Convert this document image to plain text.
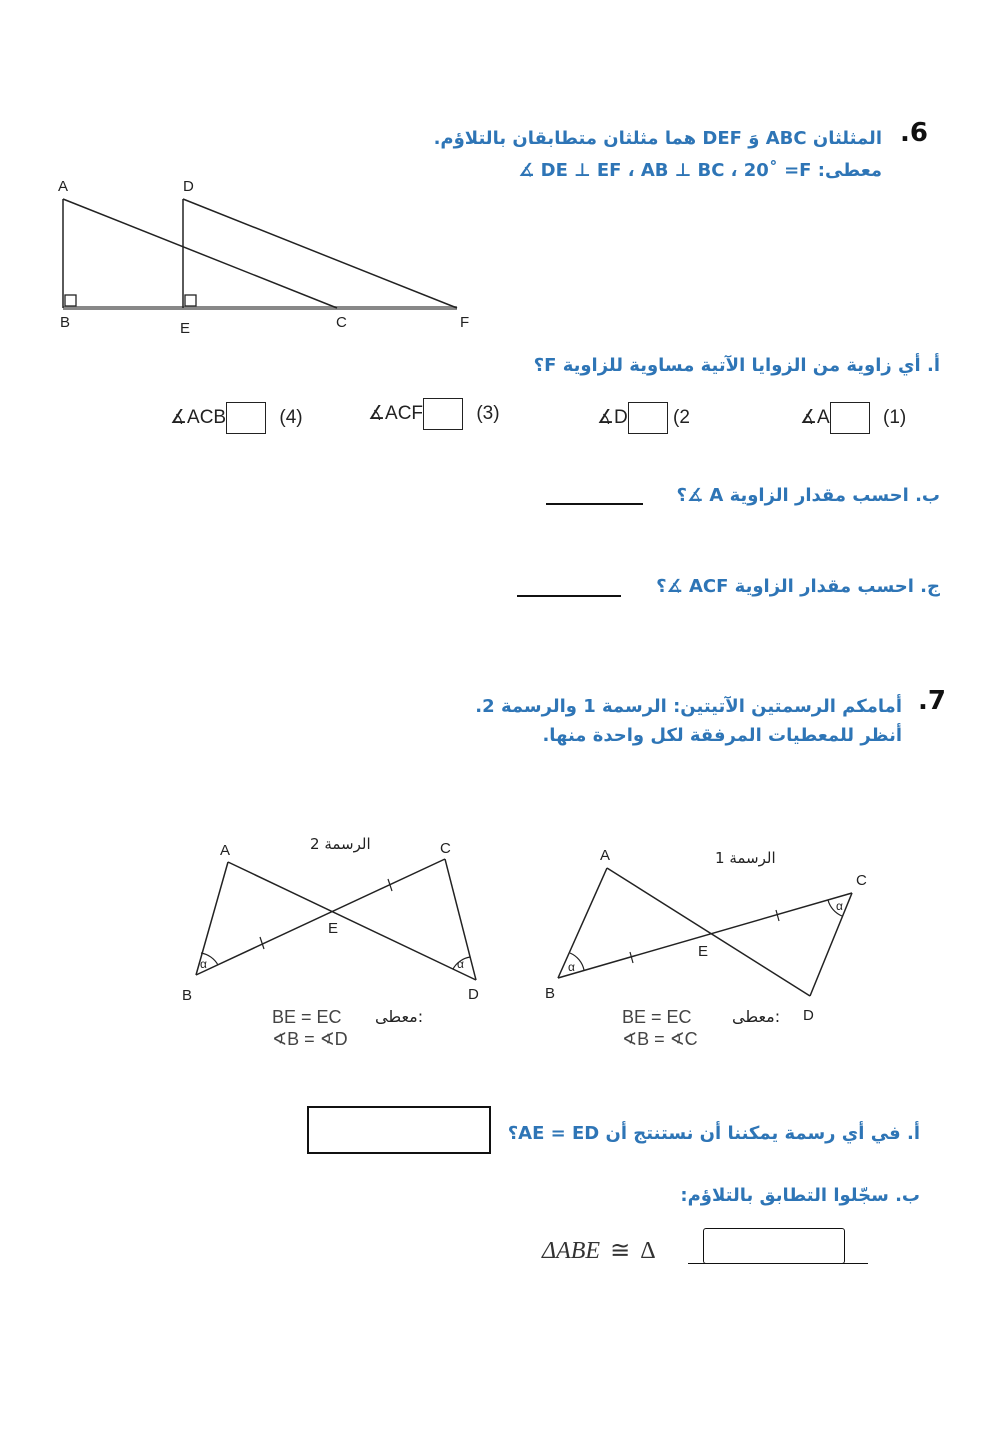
.6
المثلثان ABC وَ DEF هما مثلثان متطابقان بالتلاؤم.
معطى: DE ⊥ EF ، AB ⊥ BC ، 20˚ =F ∡
A	D
B	E	C	F
أ. أي زاوية من الزوايا الآتية مساوية للزاوية F؟
∡ACB	(4)	∡ACF	(3)	∡D (2	∡A	(1)
ب. احسب مقدار الزاوية A ∡؟
ج. احسب مقدار الزاوية ACF ∡؟
.7
أمامكم الرسمتين الآتيتين: الرسمة 1 والرسمة 2.
أنظر للمعطيات المرفقة لكل واحدة منها.
α	α
A
B
C
D
E
الرسمة 2
معطى:
BE = EC
∢B = ∢D
α
α
A
B
C
D
E
الرسمة 1
معطى:
BE = EC
∢B = ∢C
أ. في أي رسمة يمكننا أن نستنتج أن AE = ED؟
ب. سجّلوا التطابق بالتلاؤم:
ΔABE ≅ Δ
